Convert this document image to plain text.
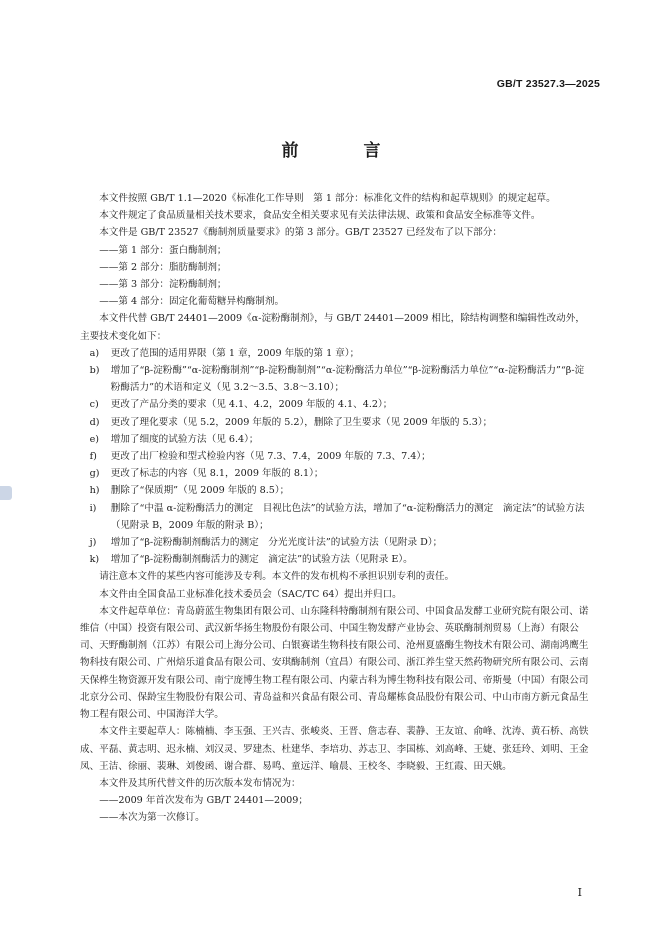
GB/T 23527.3—2025
前　言

本文件按照 GB/T 1.1—2020《标准化工作导则　第 1 部分：标准化文件的结构和起草规则》的规定起草。

本文件规定了食品质量相关技术要求，食品安全相关要求见有关法律法规、政策和食品安全标准等文件。

本文件是 GB/T 23527《酶制剂质量要求》的第 3 部分。GB/T 23527 已经发布了以下部分：

——第 1 部分：蛋白酶制剂；

——第 2 部分：脂肪酶制剂；

——第 3 部分：淀粉酶制剂；

——第 4 部分：固定化葡萄糖异构酶制剂。

本文件代替 GB/T 24401—2009《α-淀粉酶制剂》，与 GB/T 24401—2009 相比，除结构调整和编辑性改动外，主要技术变化如下：

a)	更改了范围的适用界限（第 1 章，2009 年版的第 1 章）；
b)	增加了“β-淀粉酶”“α-淀粉酶制剂”“β-淀粉酶制剂”“α-淀粉酶活力单位”“β-淀粉酶活力单位”“α-淀粉酶活力”“β-淀粉酶活力”的术语和定义（见 3.2～3.5、3.8～3.10）；
c)	更改了产品分类的要求（见 4.1、4.2，2009 年版的 4.1、4.2）；
d)	更改了理化要求（见 5.2，2009 年版的 5.2），删除了卫生要求（见 2009 年版的 5.3）；
e)	增加了细度的试验方法（见 6.4）；
f)	更改了出厂检验和型式检验内容（见 7.3、7.4，2009 年版的 7.3、7.4）；
g)	更改了标志的内容（见 8.1，2009 年版的 8.1）；
h)	删除了“保质期”（见 2009 年版的 8.5）；
i)	删除了“中温 α-淀粉酶活力的测定　目视比色法”的试验方法，增加了“α-淀粉酶活力的测定　滴定法”的试验方法（见附录 B，2009 年版的附录 B）；
j)	增加了“β-淀粉酶制剂酶活力的测定　分光光度计法”的试验方法（见附录 D）；
k)	增加了“β-淀粉酶制剂酶活力的测定　滴定法”的试验方法（见附录 E）。

请注意本文件的某些内容可能涉及专利。本文件的发布机构不承担识别专利的责任。

本文件由全国食品工业标准化技术委员会（SAC/TC 64）提出并归口。

本文件起草单位：青岛蔚蓝生物集团有限公司、山东隆科特酶制剂有限公司、中国食品发酵工业研究院有限公司、诺维信（中国）投资有限公司、武汉新华扬生物股份有限公司、中国生物发酵产业协会、英联酶制剂贸易（上海）有限公司、天野酶制剂（江苏）有限公司上海分公司、白银赛诺生物科技有限公司、沧州夏盛酶生物技术有限公司、湖南鸿鹰生物科技有限公司、广州焙乐道食品有限公司、安琪酶制剂（宜昌）有限公司、浙江养生堂天然药物研究所有限公司、云南天保桦生物资源开发有限公司、南宁庞博生物工程有限公司、内蒙古科为博生物科技有限公司、帝斯曼（中国）有限公司北京分公司、保龄宝生物股份有限公司、青岛益和兴食品有限公司、青岛耀栋食品股份有限公司、中山市南方新元食品生物工程有限公司、中国海洋大学。

本文件主要起草人：陈楠楠、李玉强、王兴吉、张峻炎、王晋、詹志春、裴静、王友谊、俞峰、沈涛、黄石桥、高铁成、平磊、黄志明、迟永楠、刘汉灵、罗建杰、杜建华、李培功、苏志卫、李国栋、刘高峰、王婕、张廷玲、刘明、王金凤、王洁、徐丽、裴琳、刘俊函、谢合群、易鸣、童远洋、喻晨、王校冬、李晓毅、王红霞、田天娥。

本文件及其所代替文件的历次版本发布情况为：

——2009 年首次发布为 GB/T 24401—2009；

——本次为第一次修订。

I
